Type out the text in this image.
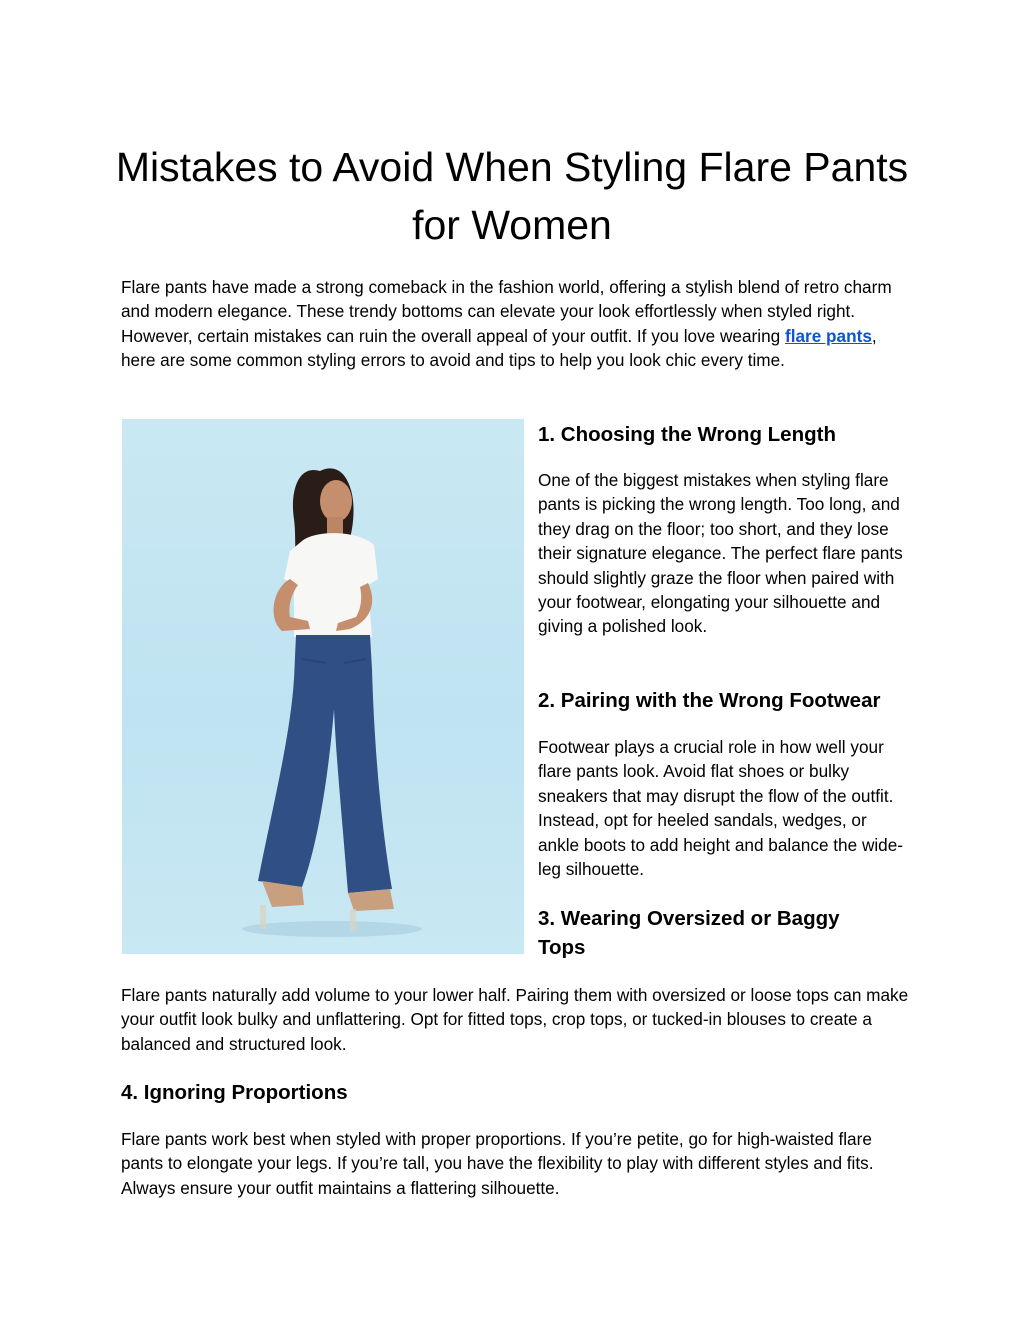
Mistakes to Avoid When Styling Flare Pants for Women

Flare pants have made a strong comeback in the fashion world, offering a stylish blend of retro charm and modern elegance. These trendy bottoms can elevate your look effortlessly when styled right. However, certain mistakes can ruin the overall appeal of your outfit. If you love wearing flare pants, here are some common styling errors to avoid and tips to help you look chic every time.

1. Choosing the Wrong Length

One of the biggest mistakes when styling flare pants is picking the wrong length. Too long, and they drag on the floor; too short, and they lose their signature elegance. The perfect flare pants should slightly graze the floor when paired with your footwear, elongating your silhouette and giving a polished look.

2. Pairing with the Wrong Footwear

Footwear plays a crucial role in how well your flare pants look. Avoid flat shoes or bulky sneakers that may disrupt the flow of the outfit. Instead, opt for heeled sandals, wedges, or ankle boots to add height and balance the wide-leg silhouette.

3. Wearing Oversized or Baggy Tops

Flare pants naturally add volume to your lower half. Pairing them with oversized or loose tops can make your outfit look bulky and unflattering. Opt for fitted tops, crop tops, or tucked-in blouses to create a balanced and structured look.

4. Ignoring Proportions

Flare pants work best when styled with proper proportions. If you’re petite, go for high-waisted flare pants to elongate your legs. If you’re tall, you have the flexibility to play with different styles and fits. Always ensure your outfit maintains a flattering silhouette.
